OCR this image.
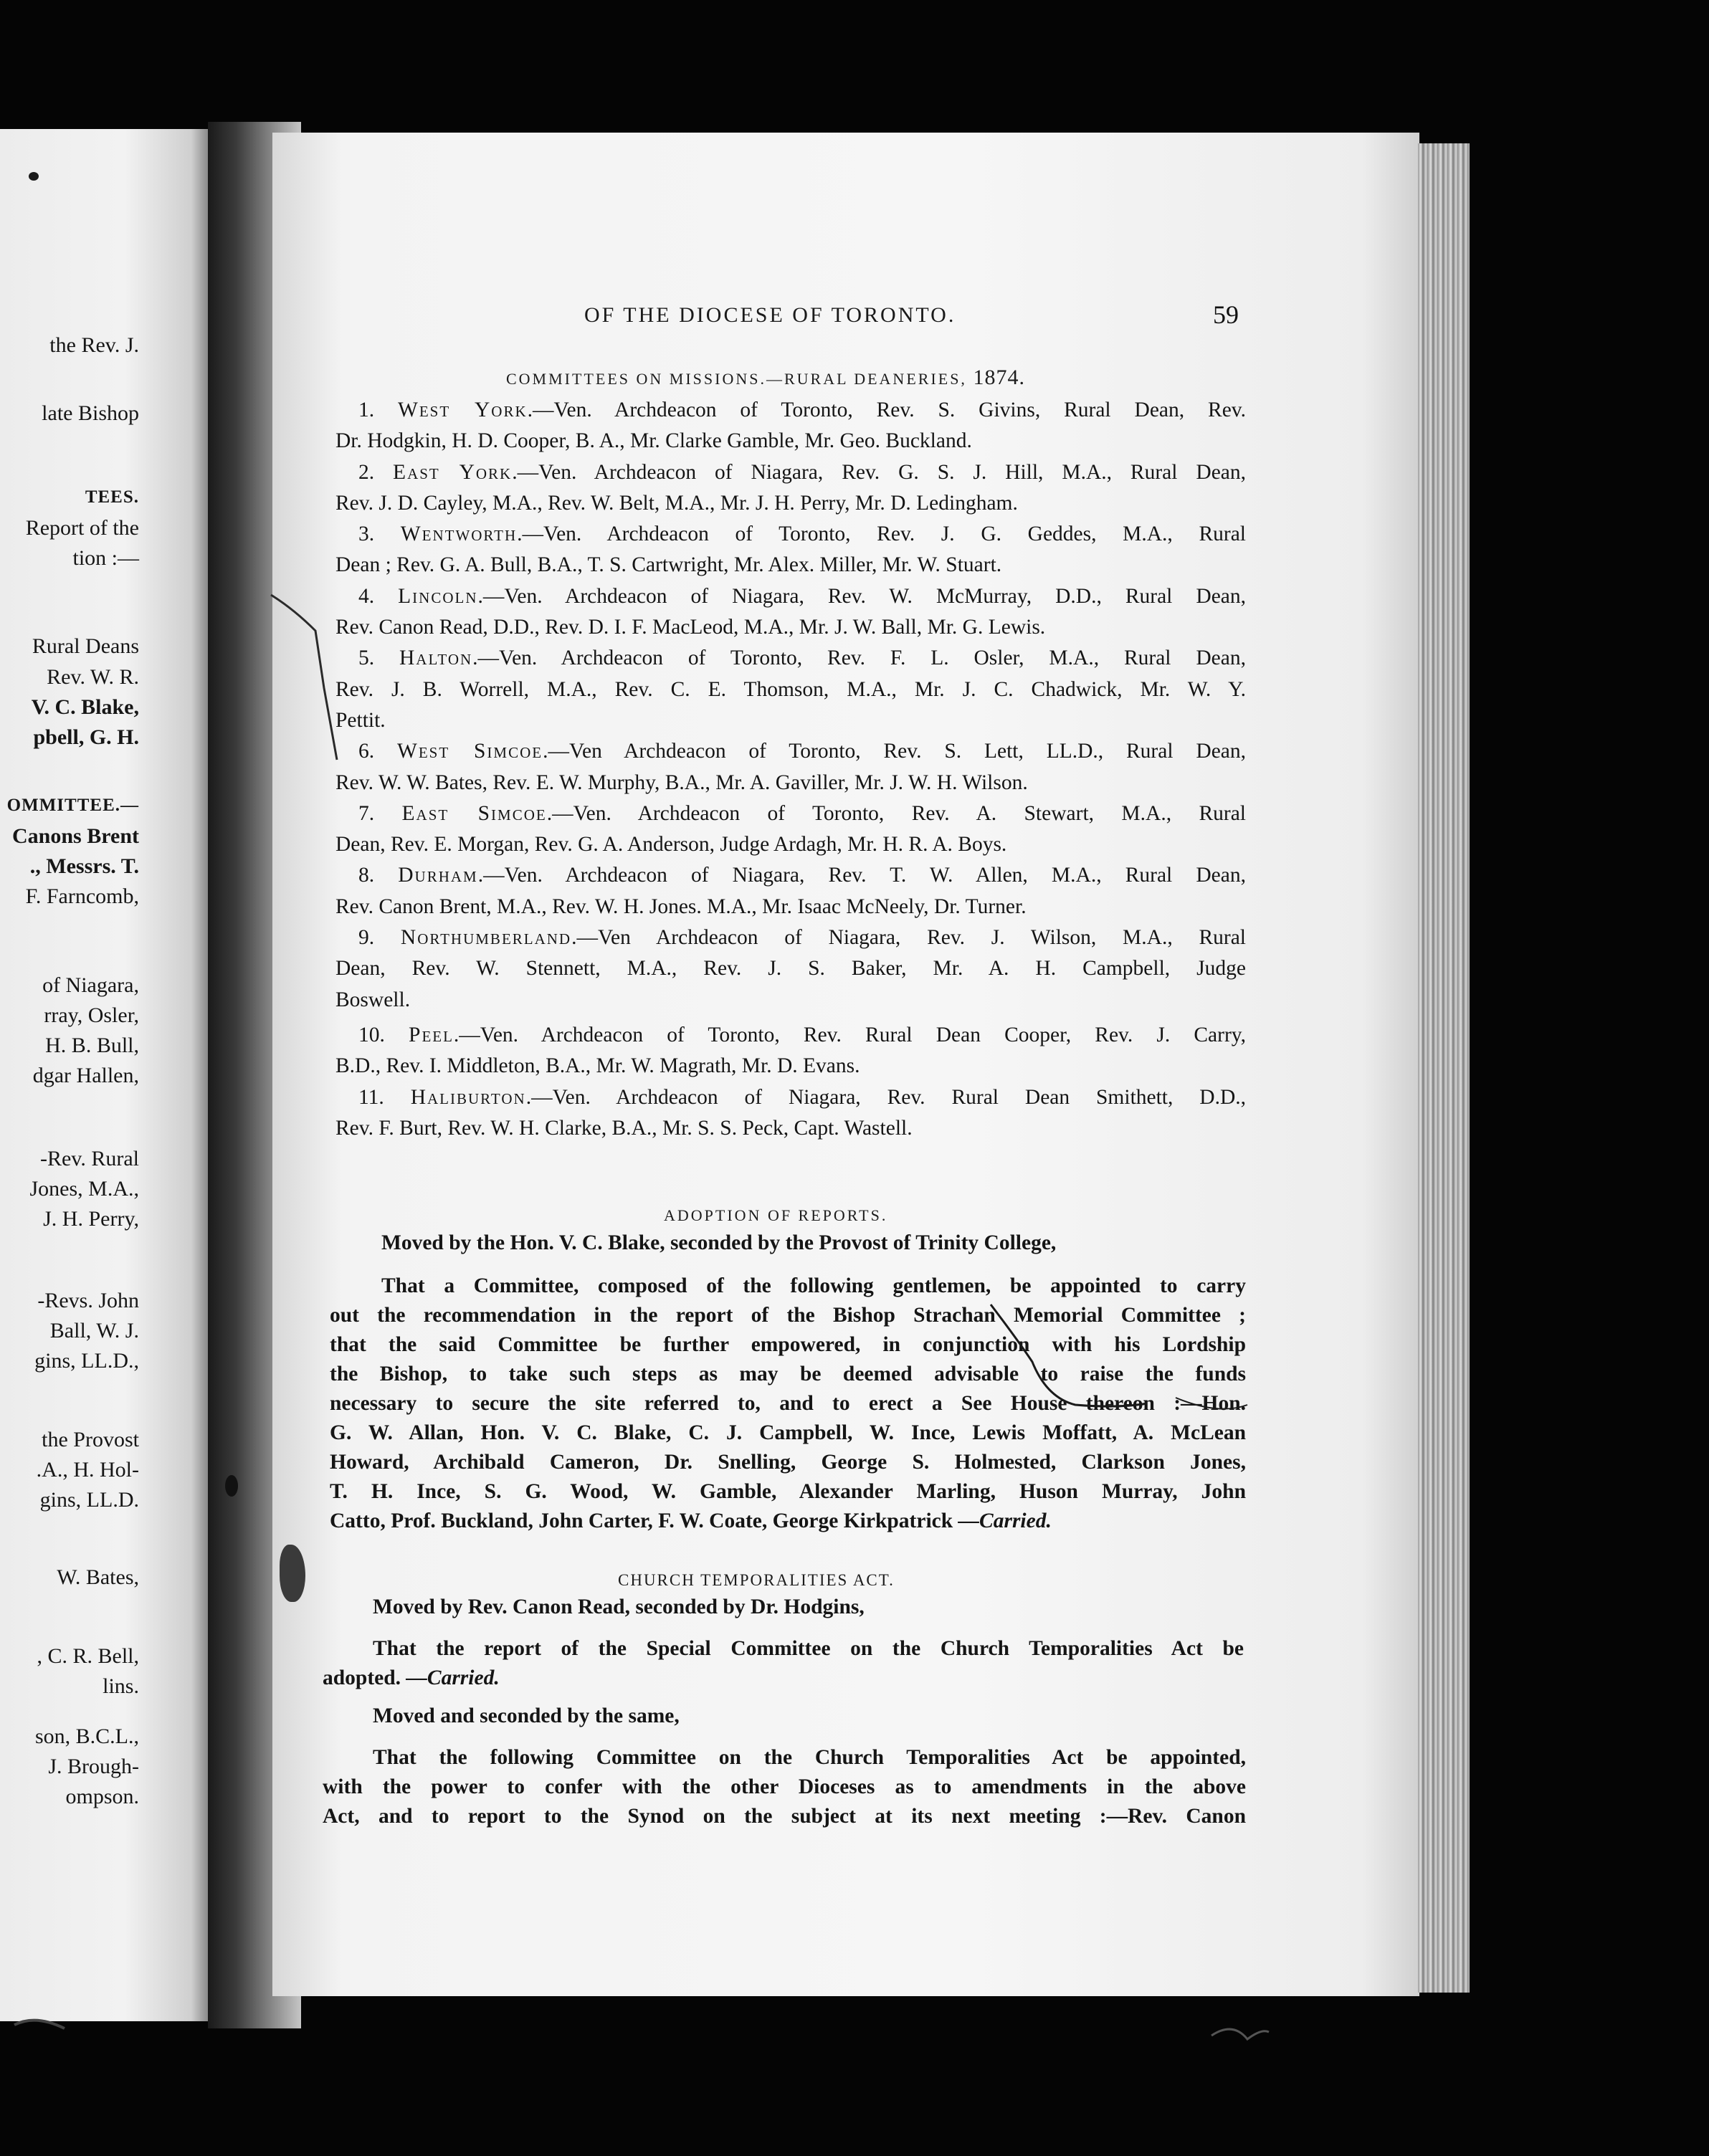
the Rev. J.
late Bishop
TEES.
Report of the
tion :—
Rural Deans
Rev. W. R.
V. C. Blake,
pbell, G. H.
OMMITTEE.—
Canons Brent
., Messrs. T.
F. Farncomb,
of Niagara,
rray, Osler,
H. B. Bull,
dgar Hallen,
-Rev. Rural
Jones, M.A.,
J. H. Perry,
-Revs. John
Ball, W. J.
gins, LL.D.,
the Provost
.A., H. Hol-
gins, LL.D.
W. Bates,
, C. R. Bell,
lins.
son, B.C.L.,
J. Brough-
ompson.
OF THE DIOCESE OF TORONTO.	59
COMMITTEES ON MISSIONS.—RURAL DEANERIES, 1874.
1. West York.—Ven. Archdeacon of Toronto, Rev. S. Givins, Rural Dean, Rev.
Dr. Hodgkin, H. D. Cooper, B. A., Mr. Clarke Gamble, Mr. Geo. Buckland.
2. East York.—Ven. Archdeacon of Niagara, Rev. G. S. J. Hill, M.A., Rural Dean,
Rev. J. D. Cayley, M.A., Rev. W. Belt, M.A., Mr. J. H. Perry, Mr. D. Ledingham.
3. Wentworth.—Ven. Archdeacon of Toronto, Rev. J. G. Geddes, M.A., Rural
Dean ; Rev. G. A. Bull, B.A., T. S. Cartwright, Mr. Alex. Miller, Mr. W. Stuart.
4. Lincoln.—Ven. Archdeacon of Niagara, Rev. W. McMurray, D.D., Rural Dean,
Rev. Canon Read, D.D., Rev. D. I. F. MacLeod, M.A., Mr. J. W. Ball, Mr. G. Lewis.
5. Halton.—Ven. Archdeacon of Toronto, Rev. F. L. Osler, M.A., Rural Dean,
Rev. J. B. Worrell, M.A., Rev. C. E. Thomson, M.A., Mr. J. C. Chadwick, Mr. W. Y.
Pettit.
6. West Simcoe.—Ven Archdeacon of Toronto, Rev. S. Lett, LL.D., Rural Dean,
Rev. W. W. Bates, Rev. E. W. Murphy, B.A., Mr. A. Gaviller, Mr. J. W. H. Wilson.
7. East Simcoe.—Ven. Archdeacon of Toronto, Rev. A. Stewart, M.A., Rural
Dean, Rev. E. Morgan, Rev. G. A. Anderson, Judge Ardagh, Mr. H. R. A. Boys.
8. Durham.—Ven. Archdeacon of Niagara, Rev. T. W. Allen, M.A., Rural Dean,
Rev. Canon Brent, M.A., Rev. W. H. Jones. M.A., Mr. Isaac McNeely, Dr. Turner.
9. Northumberland.—Ven Archdeacon of Niagara, Rev. J. Wilson, M.A., Rural
Dean, Rev. W. Stennett, M.A., Rev. J. S. Baker, Mr. A. H. Campbell, Judge
Boswell.
10. Peel.—Ven. Archdeacon of Toronto, Rev. Rural Dean Cooper, Rev. J. Carry,
B.D., Rev. I. Middleton, B.A., Mr. W. Magrath, Mr. D. Evans.
11. Haliburton.—Ven. Archdeacon of Niagara, Rev. Rural Dean Smithett, D.D.,
Rev. F. Burt, Rev. W. H. Clarke, B.A., Mr. S. S. Peck, Capt. Wastell.
ADOPTION OF REPORTS.
Moved by the Hon. V. C. Blake, seconded by the Provost of Trinity College,
That a Committee, composed of the following gentlemen, be appointed to carry
out the recommendation in the report of the Bishop Strachan Memorial Committee ;
that the said Committee be further empowered, in conjunction with his Lordship
the Bishop, to take such steps as may be deemed advisable to raise the funds
necessary to secure the site referred to, and to erect a See House thereon :—Hon.
G. W. Allan, Hon. V. C. Blake, C. J. Campbell, W. Ince, Lewis Moffatt, A. McLean
Howard, Archibald Cameron, Dr. Snelling, George S. Holmested, Clarkson Jones,
T. H. Ince, S. G. Wood, W. Gamble, Alexander Marling, Huson Murray, John
Catto, Prof. Buckland, John Carter, F. W. Coate, George Kirkpatrick —Carried.
CHURCH TEMPORALITIES ACT.
Moved by Rev. Canon Read, seconded by Dr. Hodgins,
That the report of the Special Committee on the Church Temporalities Act be
adopted. —Carried.
Moved and seconded by the same,
That the following Committee on the Church Temporalities Act be appointed,
with the power to confer with the other Dioceses as to amendments in the above
Act, and to report to the Synod on the subject at its next meeting :—Rev. Canon
